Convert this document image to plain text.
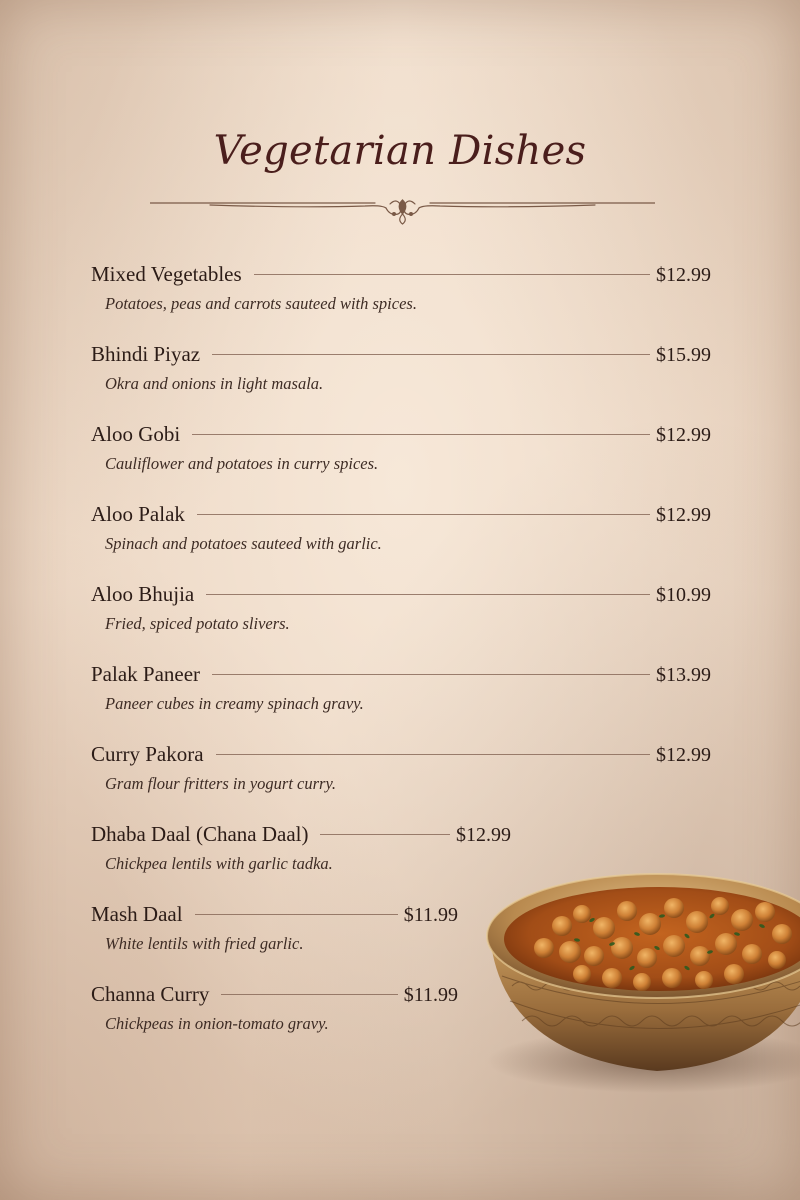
Vegetarian Dishes
Mixed Vegetables	$12.99
Potatoes, peas and carrots sauteed with spices.
Bhindi Piyaz	$15.99
Okra and onions in light masala.
Aloo Gobi	$12.99
Cauliflower and potatoes in curry spices.
Aloo Palak	$12.99
Spinach and potatoes sauteed with garlic.
Aloo Bhujia	$10.99
Fried, spiced potato slivers.
Palak Paneer	$13.99
Paneer cubes in creamy spinach gravy.
Curry Pakora	$12.99
Gram flour fritters in yogurt curry.
Dhaba Daal (Chana Daal)	$12.99
Chickpea lentils with garlic tadka.
Mash Daal	$11.99
White lentils with fried garlic.
Channa Curry	$11.99
Chickpeas in onion-tomato gravy.
